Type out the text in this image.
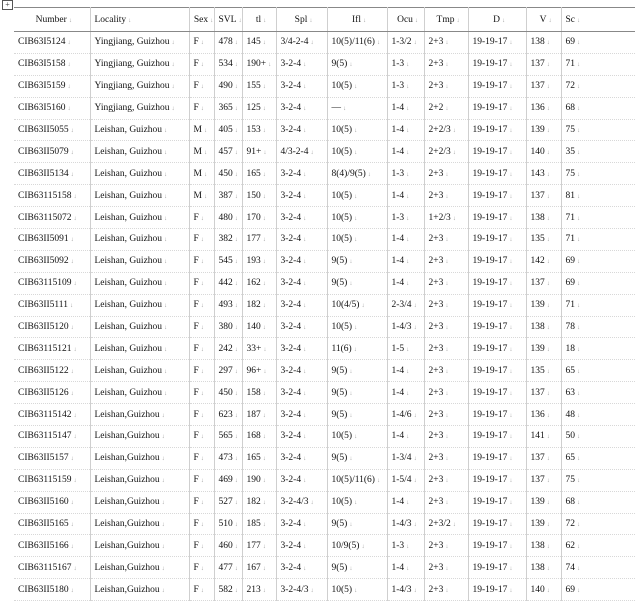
+
Number ↓	Locality ↓	Sex ↓	SVL ↓	tl ↓	Spl ↓	Ifl ↓	Ocu ↓	Tmp ↓	D ↓	V ↓	Sc ↓
CIB63I5124 ↓	Yingjiang, Guizhou ↓	F ↓	478 ↓	145 ↓	3/4-2-4 ↓	10(5)/11(6) ↓	1-3/2 ↓	2+3 ↓	19-19-17 ↓	138 ↓	69 ↓
CIB63I5158 ↓	Yingjiang, Guizhou ↓	F ↓	534 ↓	190+ ↓	3-2-4 ↓	9(5) ↓	1-3 ↓	2+3 ↓	19-19-17 ↓	137 ↓	71 ↓
CIB63I5159 ↓	Yingjiang, Guizhou ↓	F ↓	490 ↓	155 ↓	3-2-4 ↓	10(5) ↓	1-3 ↓	2+3 ↓	19-19-17 ↓	137 ↓	72 ↓
CIB63I5160 ↓	Yingjiang, Guizhou ↓	F ↓	365 ↓	125 ↓	3-2-4 ↓	— ↓	1-4 ↓	2+2 ↓	19-19-17 ↓	136 ↓	68 ↓
CIB63II5055 ↓	Leishan, Guizhou ↓	M ↓	405 ↓	153 ↓	3-2-4 ↓	10(5) ↓	1-4 ↓	2+2/3 ↓	19-19-17 ↓	139 ↓	75 ↓
CIB63II5079 ↓	Leishan, Guizhou ↓	M ↓	457 ↓	91+ ↓	4/3-2-4 ↓	10(5) ↓	1-4 ↓	2+2/3 ↓	19-19-17 ↓	140 ↓	35 ↓
CIB63II5134 ↓	Leishan, Guizhou ↓	M ↓	450 ↓	165 ↓	3-2-4 ↓	8(4)/9(5) ↓	1-3 ↓	2+3 ↓	19-19-17 ↓	143 ↓	75 ↓
CIB63115158 ↓	Leishan, Guizhou ↓	M ↓	387 ↓	150 ↓	3-2-4 ↓	10(5) ↓	1-4 ↓	2+3 ↓	19-19-17 ↓	137 ↓	81 ↓
CIB63115072 ↓	Leishan, Guizhou ↓	F ↓	480 ↓	170 ↓	3-2-4 ↓	10(5) ↓	1-3 ↓	1+2/3 ↓	19-19-17 ↓	138 ↓	71 ↓
CIB63II5091 ↓	Leishan, Guizhou ↓	F ↓	382 ↓	177 ↓	3-2-4 ↓	10(5) ↓	1-4 ↓	2+3 ↓	19-19-17 ↓	135 ↓	71 ↓
CIB63II5092 ↓	Leishan, Guizhou ↓	F ↓	545 ↓	193 ↓	3-2-4 ↓	9(5) ↓	1-4 ↓	2+3 ↓	19-19-17 ↓	142 ↓	69 ↓
CIB63115109 ↓	Leishan, Guizhou ↓	F ↓	442 ↓	162 ↓	3-2-4 ↓	9(5) ↓	1-4 ↓	2+3 ↓	19-19-17 ↓	137 ↓	69 ↓
CIB63II5111 ↓	Leishan, Guizhou ↓	F ↓	493 ↓	182 ↓	3-2-4 ↓	10(4/5) ↓	2-3/4 ↓	2+3 ↓	19-19-17 ↓	139 ↓	71 ↓
CIB63II5120 ↓	Leishan, Guizhou ↓	F ↓	380 ↓	140 ↓	3-2-4 ↓	10(5) ↓	1-4/3 ↓	2+3 ↓	19-19-17 ↓	138 ↓	78 ↓
CIB63115121 ↓	Leishan, Guizhou ↓	F ↓	242 ↓	33+ ↓	3-2-4 ↓	11(6) ↓	1-5 ↓	2+3 ↓	19-19-17 ↓	139 ↓	18 ↓
CIB63II5122 ↓	Leishan, Guizhou ↓	F ↓	297 ↓	96+ ↓	3-2-4 ↓	9(5) ↓	1-4 ↓	2+3 ↓	19-19-17 ↓	135 ↓	65 ↓
CIB63II5126 ↓	Leishan, Guizhou ↓	F ↓	450 ↓	158 ↓	3-2-4 ↓	9(5) ↓	1-4 ↓	2+3 ↓	19-19-17 ↓	137 ↓	63 ↓
CIB63115142 ↓	Leishan,Guizhou ↓	F ↓	623 ↓	187 ↓	3-2-4 ↓	9(5) ↓	1-4/6 ↓	2+3 ↓	19-19-17 ↓	136 ↓	48 ↓
CIB63115147 ↓	Leishan,Guizhou ↓	F ↓	565 ↓	168 ↓	3-2-4 ↓	10(5) ↓	1-4 ↓	2+3 ↓	19-19-17 ↓	141 ↓	50 ↓
CIB63II5157 ↓	Leishan,Guizhou ↓	F ↓	473 ↓	165 ↓	3-2-4 ↓	9(5) ↓	1-3/4 ↓	2+3 ↓	19-19-17 ↓	137 ↓	65 ↓
CIB63115159 ↓	Leishan,Guizhou ↓	F ↓	469 ↓	190 ↓	3-2-4 ↓	10(5)/11(6) ↓	1-5/4 ↓	2+3 ↓	19-19-17 ↓	137 ↓	75 ↓
CIB63II5160 ↓	Leishan,Guizhou ↓	F ↓	527 ↓	182 ↓	3-2-4/3 ↓	10(5) ↓	1-4 ↓	2+3 ↓	19-19-17 ↓	139 ↓	68 ↓
CIB63II5165 ↓	Leishan,Guizhou ↓	F ↓	510 ↓	185 ↓	3-2-4 ↓	9(5) ↓	1-4/3 ↓	2+3/2 ↓	19-19-17 ↓	139 ↓	72 ↓
CIB63II5166 ↓	Leishan,Guizhou ↓	F ↓	460 ↓	177 ↓	3-2-4 ↓	10/9(5) ↓	1-3 ↓	2+3 ↓	19-19-17 ↓	138 ↓	62 ↓
CIB63115167 ↓	Leishan,Guizhou ↓	F ↓	477 ↓	167 ↓	3-2-4 ↓	9(5) ↓	1-4 ↓	2+3 ↓	19-19-17 ↓	138 ↓	74 ↓
CIB63II5180 ↓	Leishan,Guizhou ↓	F ↓	582 ↓	213 ↓	3-2-4/3 ↓	10(5) ↓	1-4/3 ↓	2+3 ↓	19-19-17 ↓	140 ↓	69 ↓
